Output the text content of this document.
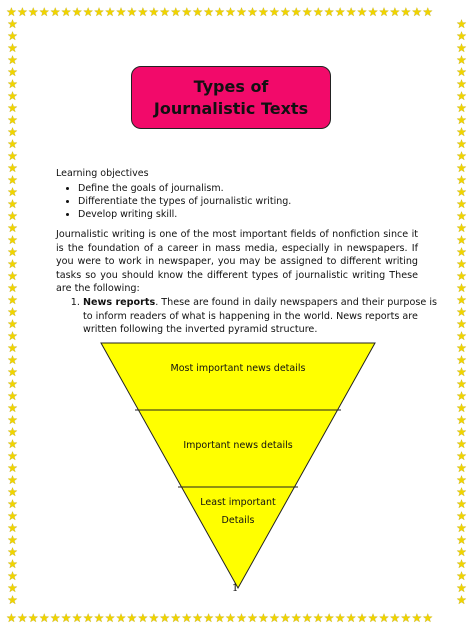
★★★★★★★★★★★★★★★★★★★★★★★★★★★★★★★★★★★★★★★
★★★★★★★★★★★★★★★★★★★★★★★★★★★★★★★★★★★★★★★
★★★★★★★★★★★★★★★★★★★★★★★★★★★★★★★★★★★★★★★★★★★★★★★★★
★★★★★★★★★★★★★★★★★★★★★★★★★★★★★★★★★★★★★★★★★★★★★★★★★
Types of
Journalistic Texts
Learning objectives
• Define the goals of journalism.
• Differentiate the types of journalistic writing.
• Develop writing skill.

Journalistic writing is one of the most important fields of nonfiction since it is the foundation of a career in mass media, especially in newspapers. If you were to work in newspaper, you may be assigned to different writing tasks so you should know the different types of journalistic writing These are the following:

1. News reports. These are found in daily newspapers and their purpose is to inform readers of what is happening in the world. News reports are written following the inverted pyramid structure.
Most important news details
Important news details
Least important
Details
1
